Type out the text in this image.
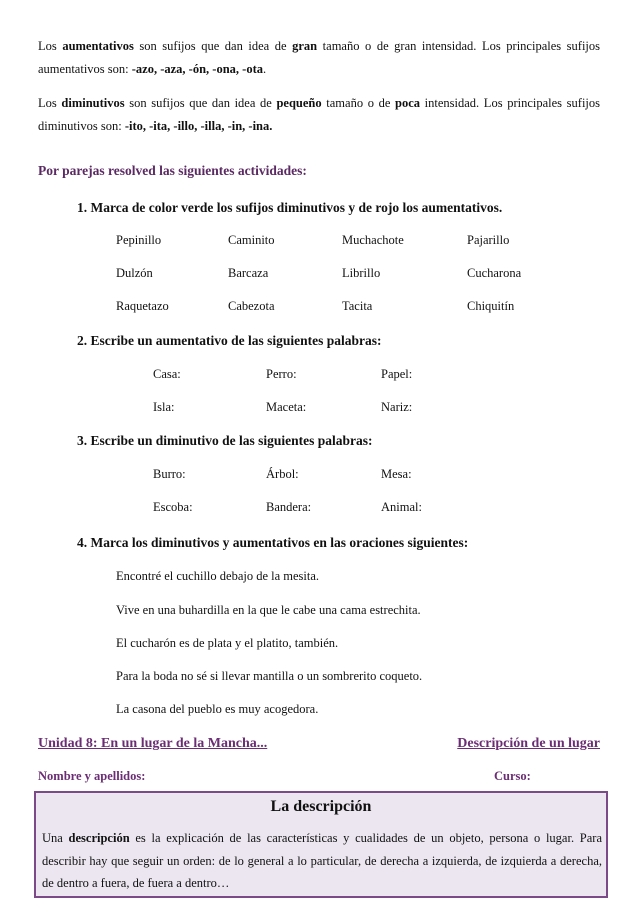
Los aumentativos son sufijos que dan idea de gran tamaño o de gran intensidad. Los principales sufijos aumentativos son: -azo, -aza, -ón, -ona, -ota.
Los diminutivos son sufijos que dan idea de pequeño tamaño o de poca intensidad. Los principales sufijos diminutivos son: -ito, -ita, -illo, -illa, -in, -ina.
Por parejas resolved las siguientes actividades:
1. Marca de color verde los sufijos diminutivos y de rojo los aumentativos.
Pepinillo	Caminito	Muchachote	Pajarillo
Dulzón	Barcaza	Librillo	Cucharona
Raquetazo	Cabezota	Tacita	Chiquitín
2. Escribe un aumentativo de las siguientes palabras:
Casa:	Perro:	Papel:
Isla:	Maceta:	Nariz:
3. Escribe un diminutivo de las siguientes palabras:
Burro:	Árbol:	Mesa:
Escoba:	Bandera:	Animal:
4. Marca los diminutivos y aumentativos en las oraciones siguientes:
Encontré el cuchillo debajo de la mesita.
Vive en una buhardilla en la que le cabe una cama estrechita.
El cucharón es de plata y el platito, también.
Para la boda no sé si llevar mantilla o un sombrerito coqueto.
La casona del pueblo es muy acogedora.
Unidad 8: En un lugar de la Mancha...	Descripción de un lugar
Nombre y apellidos:	Curso:
La descripción
Una descripción es la explicación de las características y cualidades de un objeto, persona o lugar. Para describir hay que seguir un orden: de lo general a lo particular, de derecha a izquierda, de izquierda a derecha, de dentro a fuera, de fuera a dentro…
